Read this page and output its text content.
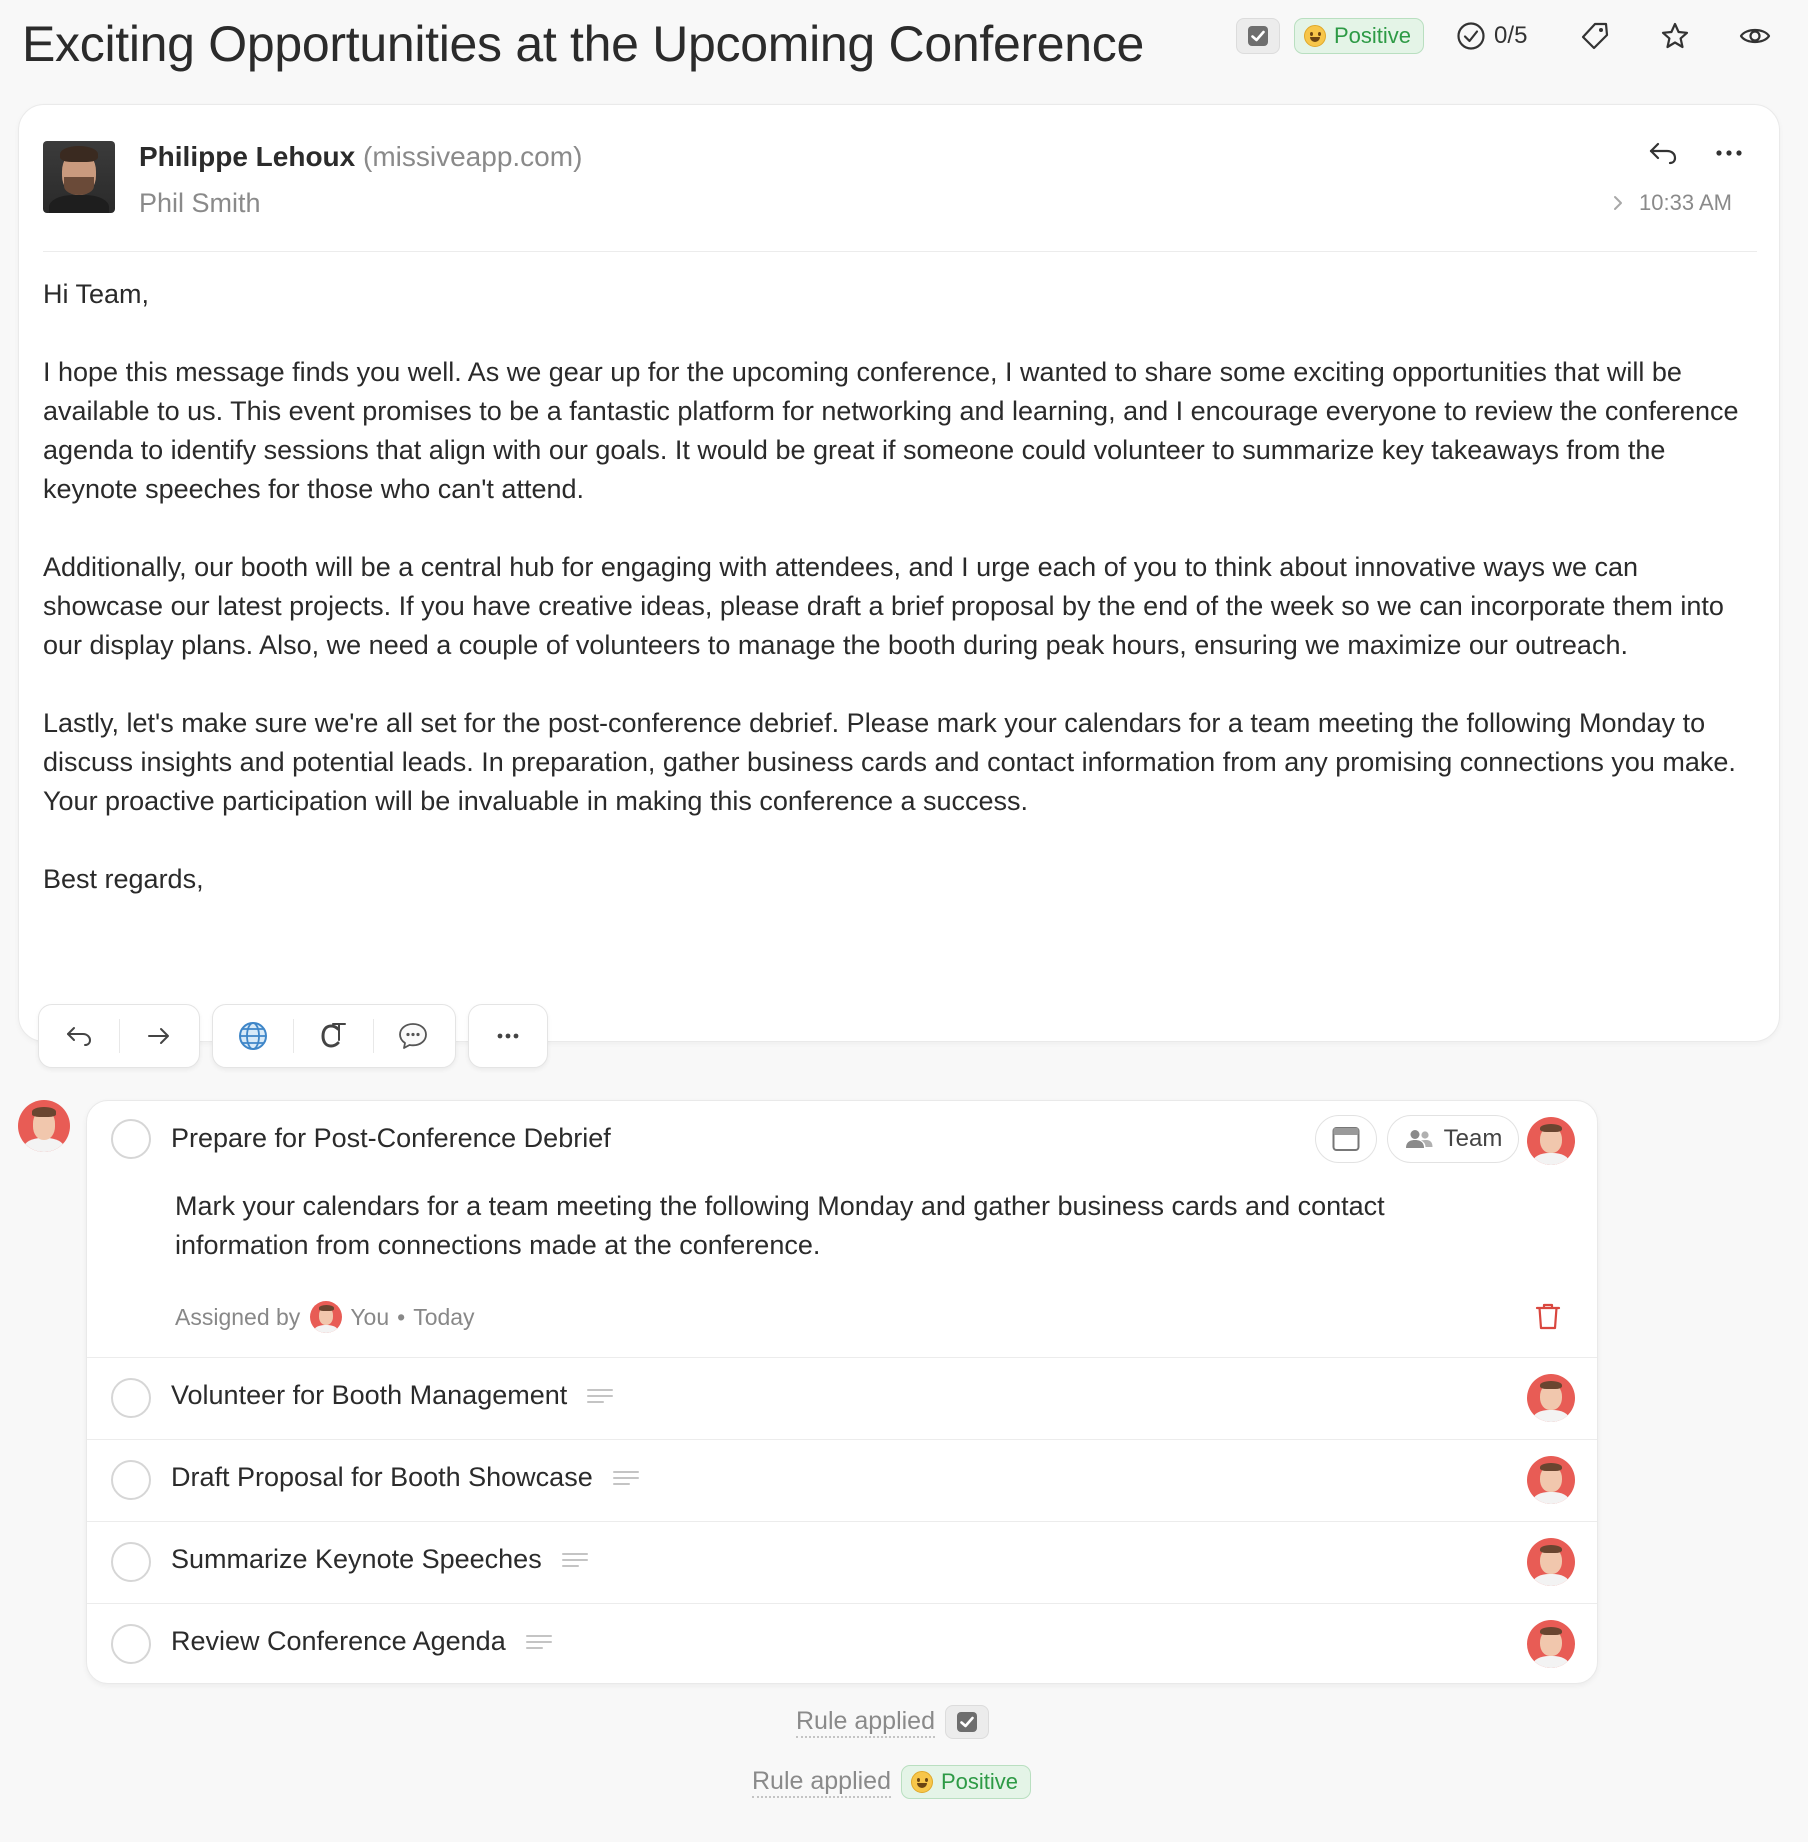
Exciting Opportunities at the Upcoming Conference	Positive	0/5
Philippe Lehoux (missiveapp.com)
Phil Smith	10:33 AM

Hi Team,

I hope this message finds you well. As we gear up for the upcoming conference, I wanted to share some exciting opportunities that will be available to us. This event promises to be a fantastic platform for networking and learning, and I encourage everyone to review the conference agenda to identify sessions that align with our goals. It would be great if someone could volunteer to summarize key takeaways from the keynote speeches for those who can't attend.

Additionally, our booth will be a central hub for engaging with attendees, and I urge each of you to think about innovative ways we can showcase our latest projects. If you have creative ideas, please draft a brief proposal by the end of the week so we can incorporate them into our display plans. Also, we need a couple of volunteers to manage the booth during peak hours, ensuring we maximize our outreach.

Lastly, let's make sure we're all set for the post-conference debrief. Please mark your calendars for a team meeting the following Monday to discuss insights and potential leads. In preparation, gather business cards and contact information from any promising connections you make. Your proactive participation will be invaluable in making this conference a success.

Best regards,

Prepare for Post-Conference Debrief	Team
Mark your calendars for a team meeting the following Monday and gather business cards and contact information from connections made at the conference.
Assigned by You • Today
Volunteer for Booth Management
Draft Proposal for Booth Showcase
Summarize Keynote Speeches
Review Conference Agenda
Rule applied
Rule applied Positive
